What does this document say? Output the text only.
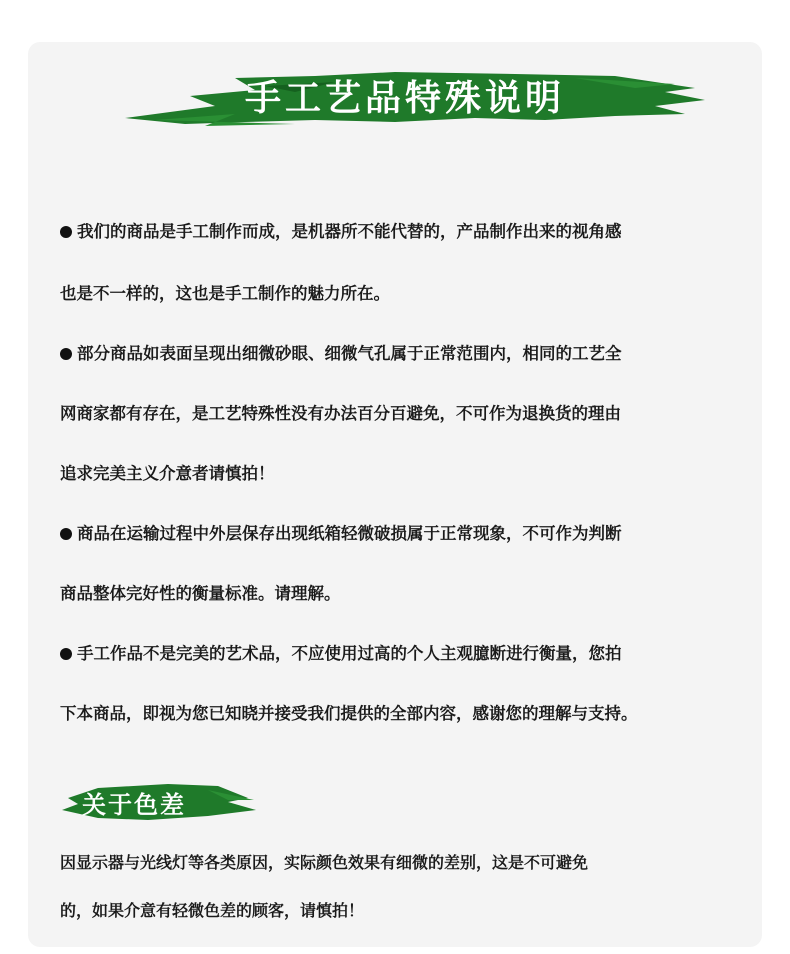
手工艺品特殊说明
我们的商品是手工制作而成，是机器所不能代替的，产品制作出来的视角感
也是不一样的，这也是手工制作的魅力所在。
部分商品如表面呈现出细微砂眼、细微气孔属于正常范围内，相同的工艺全
网商家都有存在，是工艺特殊性没有办法百分百避免，不可作为退换货的理由
追求完美主义介意者请慎拍！
商品在运输过程中外层保存出现纸箱轻微破损属于正常现象，不可作为判断
商品整体完好性的衡量标准。请理解。
手工作品不是完美的艺术品，不应使用过高的个人主观臆断进行衡量，您拍
下本商品，即视为您已知晓并接受我们提供的全部内容，感谢您的理解与支持。
关于色差
因显示器与光线灯等各类原因，实际颜色效果有细微的差别，这是不可避免
的，如果介意有轻微色差的顾客，请慎拍！
